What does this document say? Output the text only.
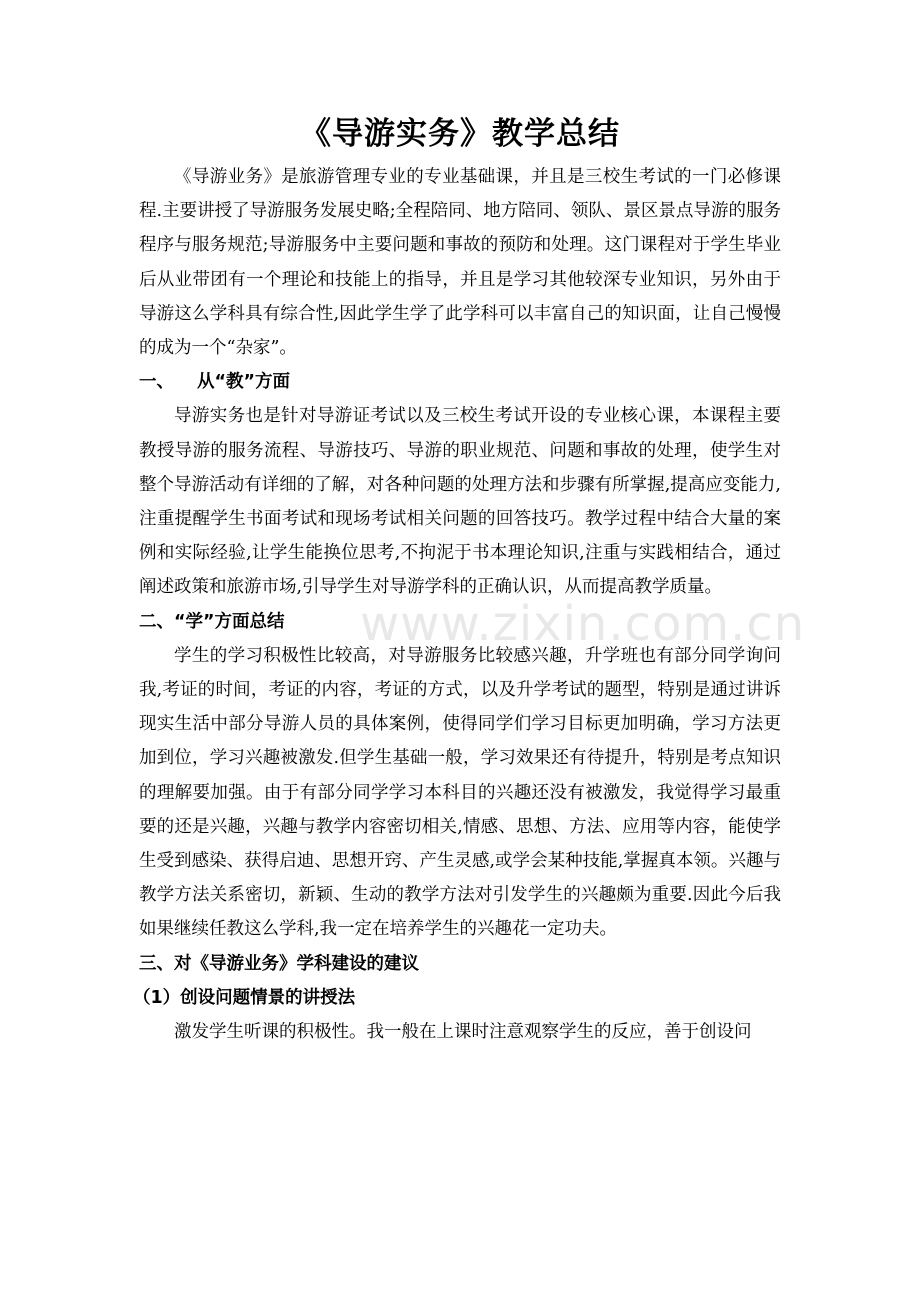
《导游实务》教学总结

《导游业务》是旅游管理专业的专业基础课，并且是三校生考试的一门必修课程.主要讲授了导游服务发展史略;全程陪同、地方陪同、领队、景区景点导游的服务程序与服务规范;导游服务中主要问题和事故的预防和处理。这门课程对于学生毕业后从业带团有一个理论和技能上的指导，并且是学习其他较深专业知识，另外由于导游这么学科具有综合性,因此学生学了此学科可以丰富自己的知识面，让自己慢慢的成为一个“杂家”。

一、 从“教”方面

导游实务也是针对导游证考试以及三校生考试开设的专业核心课，本课程主要教授导游的服务流程、导游技巧、导游的职业规范、问题和事故的处理，使学生对整个导游活动有详细的了解，对各种问题的处理方法和步骤有所掌握,提高应变能力,注重提醒学生书面考试和现场考试相关问题的回答技巧。教学过程中结合大量的案例和实际经验,让学生能换位思考,不拘泥于书本理论知识,注重与实践相结合，通过阐述政策和旅游市场,引导学生对导游学科的正确认识，从而提高教学质量。

二、“学”方面总结

学生的学习积极性比较高，对导游服务比较感兴趣，升学班也有部分同学询问我,考证的时间，考证的内容，考证的方式，以及升学考试的题型，特别是通过讲诉现实生活中部分导游人员的具体案例，使得同学们学习目标更加明确，学习方法更加到位，学习兴趣被激发.但学生基础一般，学习效果还有待提升，特别是考点知识的理解要加强。由于有部分同学学习本科目的兴趣还没有被激发，我觉得学习最重要的还是兴趣，兴趣与教学内容密切相关,情感、思想、方法、应用等内容，能使学生受到感染、获得启迪、思想开窍、产生灵感,或学会某种技能,掌握真本领。兴趣与教学方法关系密切，新颖、生动的教学方法对引发学生的兴趣颇为重要.因此今后我如果继续任教这么学科,我一定在培养学生的兴趣花一定功夫。

三、对《导游业务》学科建设的建议
（1）创设问题情景的讲授法

激发学生听课的积极性。我一般在上课时注意观察学生的反应，善于创设问

www.zixin.com.cn
